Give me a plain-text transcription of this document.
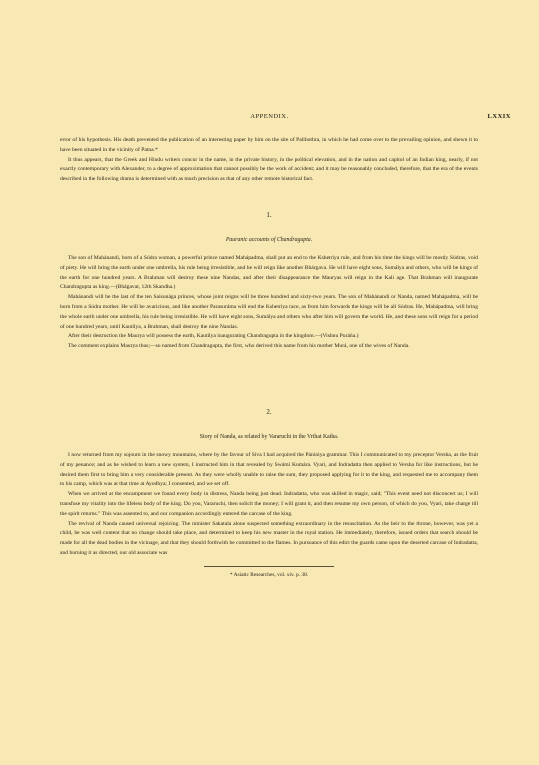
APPENDIX.	LXXIX

error of his hypothesis. His death prevented the publication of an interesting paper by him on the site of Palibothra, in which he had come over to the prevailing opinion, and shewn it to have been situated in the vicinity of Patna.*

It thus appears, that the Greek and Hindu writers concur in the name, in the private history, in the political elevation, and in the nation and capitol of an Indian king, nearly, if not exactly contemporary with Alexander, to a degree of approximation that cannot possibly be the work of accident; and it may be reasonably concluded, therefore, that the era of the events described in the following drama is determined with as much precision as that of any other remote historical fact.

1.
Pauranic accounts of Chandragupta.

The son of Mahánandi, born of a Súdra woman, a powerful prince named Mahápadma, shall put an end to the Kshetriya rule, and from his time the kings will be mostly Súdras, void of piety. He will bring the earth under one umbrella, his rule being irresistible, and he will reign like another Bhárgava. He will have eight sons, Sumálya and others, who will be kings of the earth for one hundred years. A Brahman will destroy these nine Nandas, and after their disappearance the Mauryas will reign in the Kali age. That Brahman will inaugurate Chandragupta as king.—(Bhágavat, 12th Skandha.)

Mahánandi will be the last of the ten Saisunága princes, whose joint reigns will be three hundred and sixty-two years. The son of Mahánandi or Nanda, named Mahápadma, will be born from a Súdra mother. He will be avaricious, and like another Parasuráma will end the Kshetriya race, as from him forwards the kings will be all Súdras. He, Mahápadma, will bring the whole earth under one umbrella, his rule being irresistible. He will have eight sons, Sumálya and others who after him will govern the world. He, and these sons will reign for a period of one hundred years, until Kautilya, a Brahman, shall destroy the nine Nandas.

After their destruction the Maurya will possess the earth, Kautilya inaugurating Chandragupta in the kingdom.—(Vishnu Puráńa.)

The comment explains Maurya thus;—so named from Chandragupta, the first, who derived this name from his mother Murá, one of the wives of Nanda.

2.
Story of Nanda, as related by Vararuchi in the Vrihat Katha.

I now returned from my sojourn in the snowy mountains, where by the favour of Siva I had acquired the Pániniya grammar. This I communicated to my preceptor Versha, as the fruit of my penance; and as he wished to learn a new system, I instructed him in that revealed by Swámi Kumára. Vyari, and Indradatta then applied to Versha for like instructions, but he desired them first to bring him a very considerable present. As they were wholly unable to raise the sum, they proposed applying for it to the king, and requested me to accompany them to his camp, which was at that time at Ayodhya; I consented, and we set off.

When we arrived at the encampment we found every body in distress, Nanda being just dead. Indradatta, who was skilled in magic, said; "This event need not disconcert us; I will transfuse my vitality into the lifeless body of the king. Do you, Vararuchi, then solicit the money; I will grant it, and then resume my own person, of which do you, Vyari, take charge till the spirit returns." This was assented to, and our companion accordingly entered the carcase of the king.

The revival of Nanda caused universal rejoicing. The minister Sakatala alone suspected something extraordinary in the resuscitation. As the heir to the throne, however, was yet a child, he was well content that no change should take place, and determined to keep his new master in the royal station. He immediately, therefore, issued orders that search should be made for all the dead bodies in the vicinage, and that they should forthwith be committed to the flames. In pursuance of this edict the guards came upon the deserted carcase of Indradatta, and burning it as directed, our old associate was

* Asiatic Researches, vol. xiv. p. 38.
